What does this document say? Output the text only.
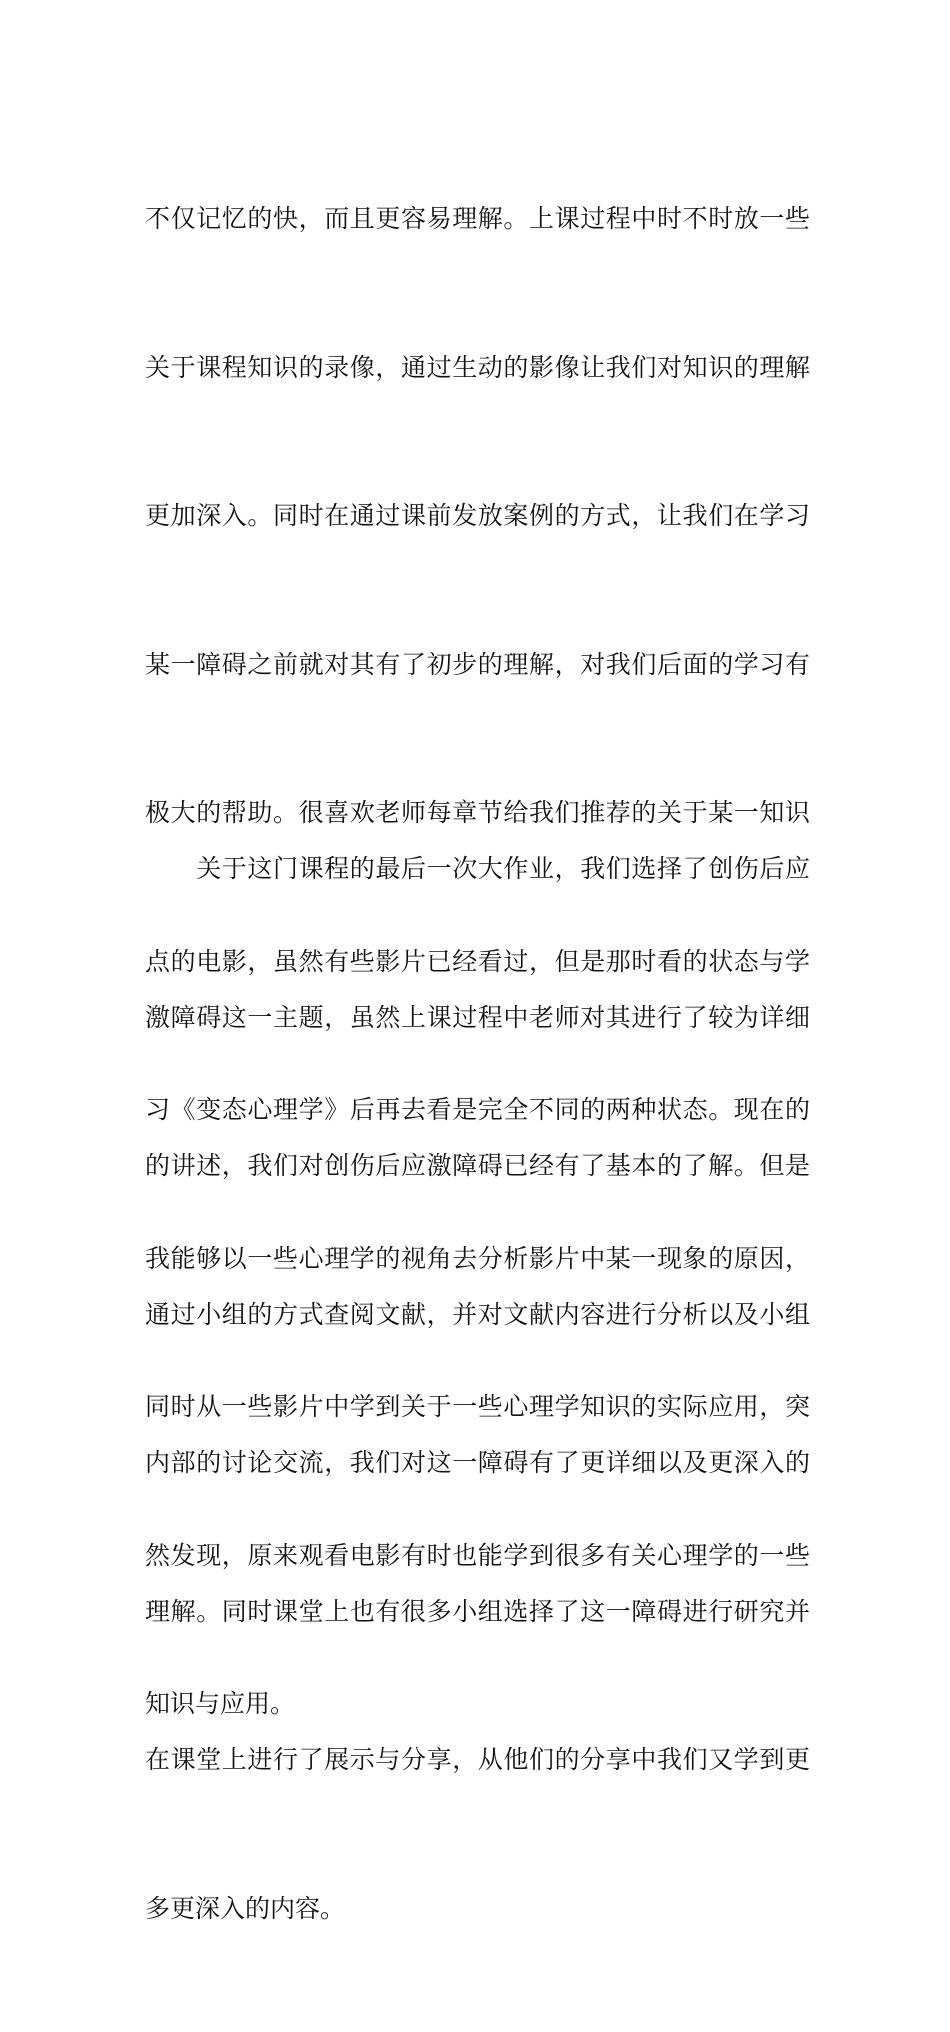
不仅记忆的快，而且更容易理解。上课过程中时不时放一些

关于课程知识的录像，通过生动的影像让我们对知识的理解

更加深入。同时在通过课前发放案例的方式，让我们在学习

某一障碍之前就对其有了初步的理解，对我们后面的学习有

极大的帮助。很喜欢老师每章节给我们推荐的关于某一知识

点的电影，虽然有些影片已经看过，但是那时看的状态与学

习《变态心理学》后再去看是完全不同的两种状态。现在的

我能够以一些心理学的视角去分析影片中某一现象的原因，

同时从一些影片中学到关于一些心理学知识的实际应用，突

然发现，原来观看电影有时也能学到很多有关心理学的一些

知识与应用。

　　关于这门课程的最后一次大作业，我们选择了创伤后应

激障碍这一主题，虽然上课过程中老师对其进行了较为详细

的讲述，我们对创伤后应激障碍已经有了基本的了解。但是

通过小组的方式查阅文献，并对文献内容进行分析以及小组

内部的讨论交流，我们对这一障碍有了更详细以及更深入的

理解。同时课堂上也有很多小组选择了这一障碍进行研究并

在课堂上进行了展示与分享，从他们的分享中我们又学到更

多更深入的内容。
